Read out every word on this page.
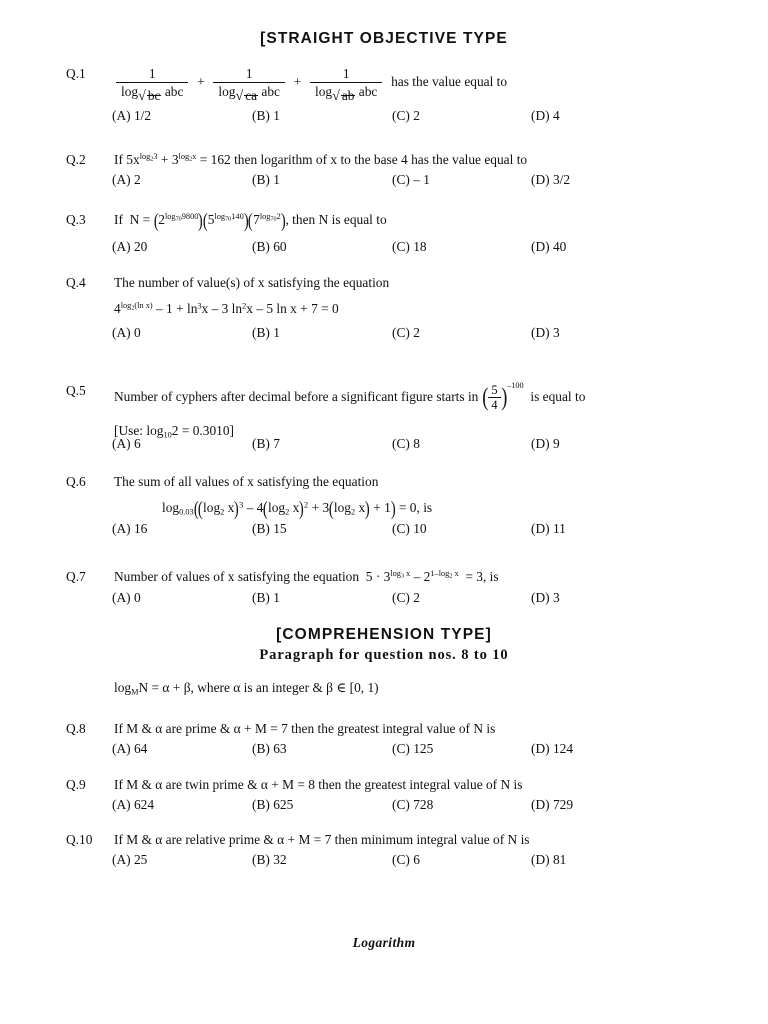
[STRAIGHT OBJECTIVE TYPE
Q.1	$\frac{1}{\log_{√ bc} abc} + \frac{1}{\log_{√ ca} abc} + \frac{1}{\log_{√ ab} abc}$ has the value equal to
(A) 1/2	(B) 1	(C) 2	(D) 4
Q.2	If $5x^{log_23} + 3^{log_2x} = 162$ then logarithm of x to the base 4 has the value equal to
(A) 2	(B) 1	(C) – 1	(D) 3/2
Q.3	If $N = (2^{log_{70}9800})(5^{log_{70}140})(7^{log_{70}2})$, then N is equal to
(A) 20	(B) 60	(C) 18	(D) 40
Q.4	The number of value(s) of x satisfying the equation
$4^{log_2(ln x)} - 1 + \ln^3x - 3$ $\ln^2x - 5$ ln x + 7 = 0
(A) 0	(B) 1	(C) 2	(D) 3
Q.5	Number of cyphers after decimal before a significant figure starts in ( $\frac{5}{4} )-100$  is equal to
[Use: $\log_{10}2 = 0.3010$]
(A) 6	(B) 7	(C) 8	(D) 9
Q.6	The sum of all values of x satisfying the equation
$\log_{0.03}((\log_2$ $x)^3 - 4(\log_2$ $x)^2 + 3(\log_2$ x) + 1) = 0, is
(A) 16	(B) 15	(C) 10	(D) 11
Q.7	Number of values of x satisfying the equation $5 \cdot 3^{log_3 x} - 2^{1-log_2 x} = 3$, is
(A) 0	(B) 1	(C) 2	(D) 3
[COMPREHENSION TYPE]
Paragraph for question nos. 8 to 10
$\log_MN = \alpha + \beta$, where α is an integer & β ∈ [0, 1)
Q.8	If M & α are prime & α + M = 7 then the greatest integral value of N is
(A) 64	(B) 63	(C) 125	(D) 124
Q.9	If M & α are twin prime & α + M = 8 then the greatest integral value of N is
(A) 624	(B) 625	(C) 728	(D) 729
Q.10	If M & α are relative prime & α + M = 7 then minimum integral value of N is
(A) 25	(B) 32	(C) 6	(D) 81
Logarithm
